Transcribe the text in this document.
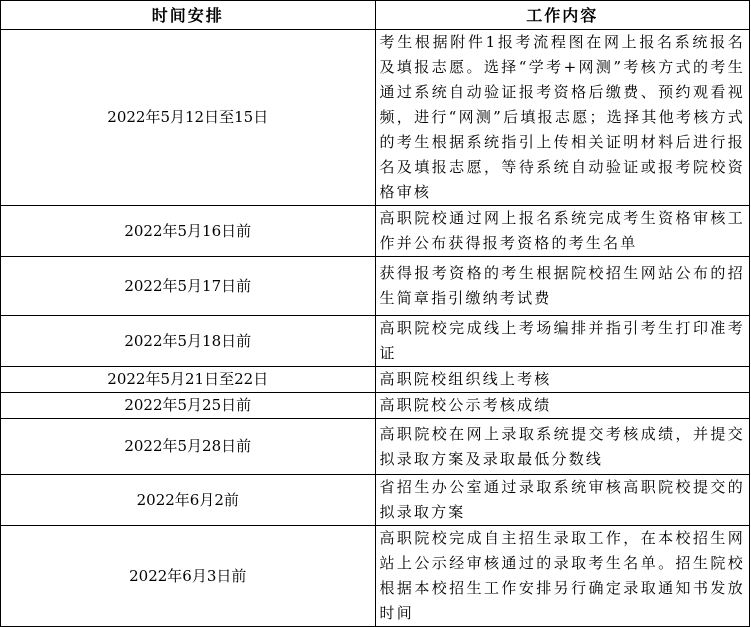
时间安排	工作内容
2022年5月12日至15日	考生根据附件1报考流程图在网上报名系统报名及填报志愿。选择“学考+网测”考核方式的考生通过系统自动验证报考资格后缴费、预约观看视频，进行“网测”后填报志愿；选择其他考核方式的考生根据系统指引上传相关证明材料后进行报名及填报志愿，等待系统自动验证或报考院校资格审核
2022年5月16日前	高职院校通过网上报名系统完成考生资格审核工作并公布获得报考资格的考生名单
2022年5月17日前	获得报考资格的考生根据院校招生网站公布的招生简章指引缴纳考试费
2022年5月18日前	高职院校完成线上考场编排并指引考生打印准考证
2022年5月21日至22日	高职院校组织线上考核
2022年5月25日前	高职院校公示考核成绩
2022年5月28日前	高职院校在网上录取系统提交考核成绩，并提交拟录取方案及录取最低分数线
2022年6月2前	省招生办公室通过录取系统审核高职院校提交的拟录取方案
2022年6月3日前	高职院校完成自主招生录取工作，在本校招生网站上公示经审核通过的录取考生名单。招生院校根据本校招生工作安排另行确定录取通知书发放时间
